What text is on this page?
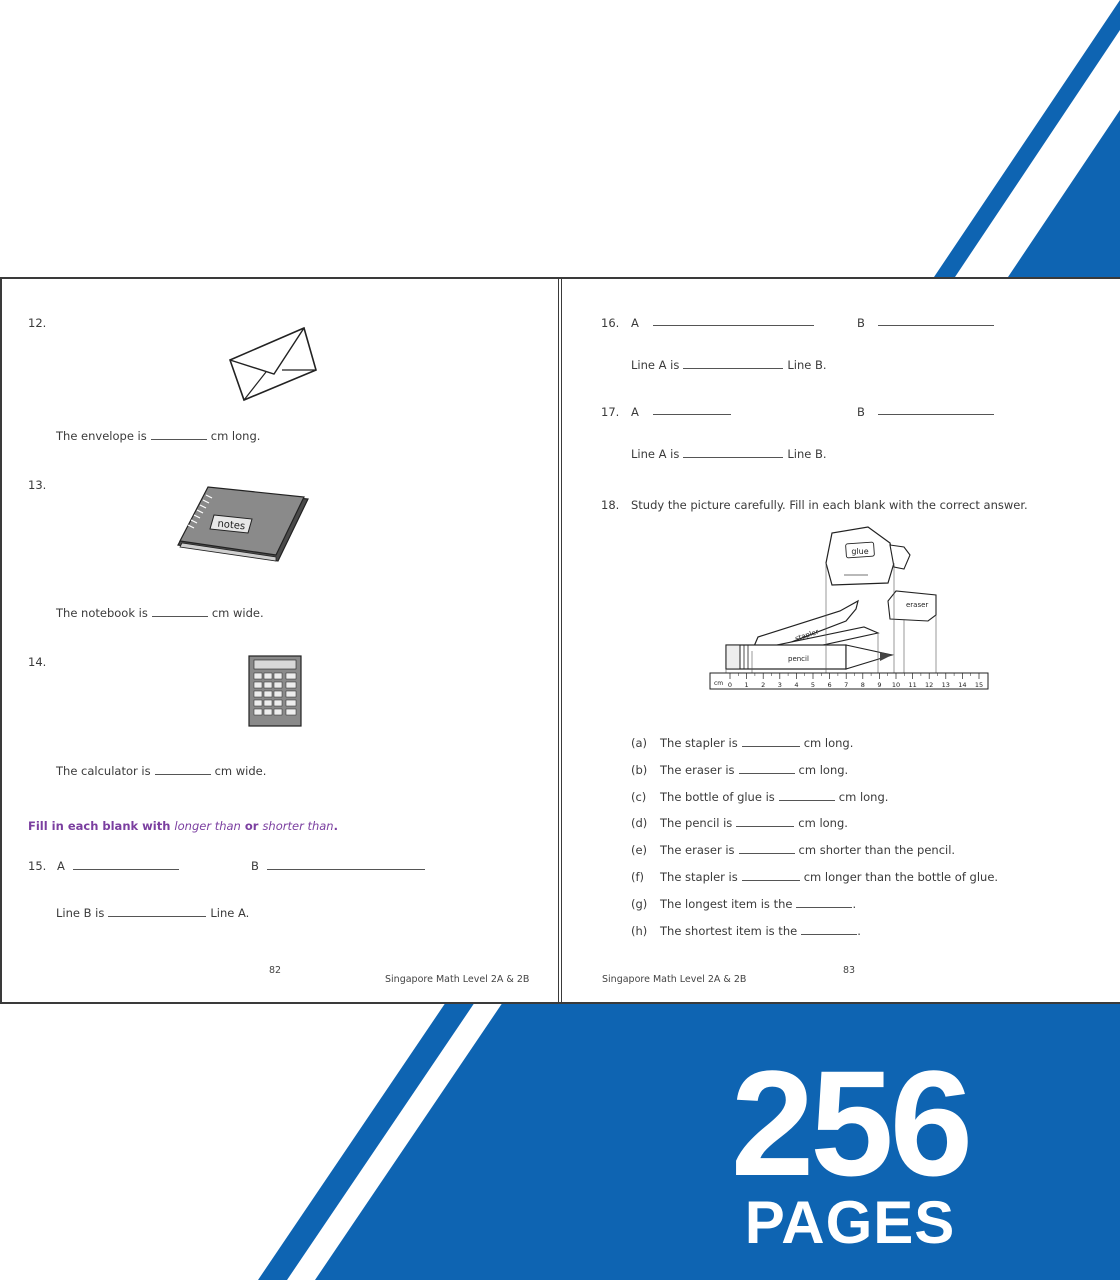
256
PAGES
12.
The envelope is	cm long.
13.
notes
The notebook is	cm wide.
14.
The calculator is	cm wide.
Fill in each blank with longer than or shorter than.
15. A	B
Line B is	Line A.
82
Singapore Math Level 2A & 2B
16. A	B
Line A is	Line B.
17. A	B
Line A is	Line B.
18. Study the picture carefully. Fill in each blank with the correct answer.
glue
stapler
eraser
pencil
cm 0 1 2 3 4 5 6 7 8 9 10 11 12 13 14 15
(a) The stapler is	cm long.
(b) The eraser is	cm long.
(c) The bottle of glue is	cm long.
(d) The pencil is	cm long.
(e) The eraser is	cm shorter than the pencil.
(f) The stapler is	cm longer than the bottle of glue.
(g) The longest item is the	.
(h) The shortest item is the	.
Singapore Math Level 2A & 2B
83
